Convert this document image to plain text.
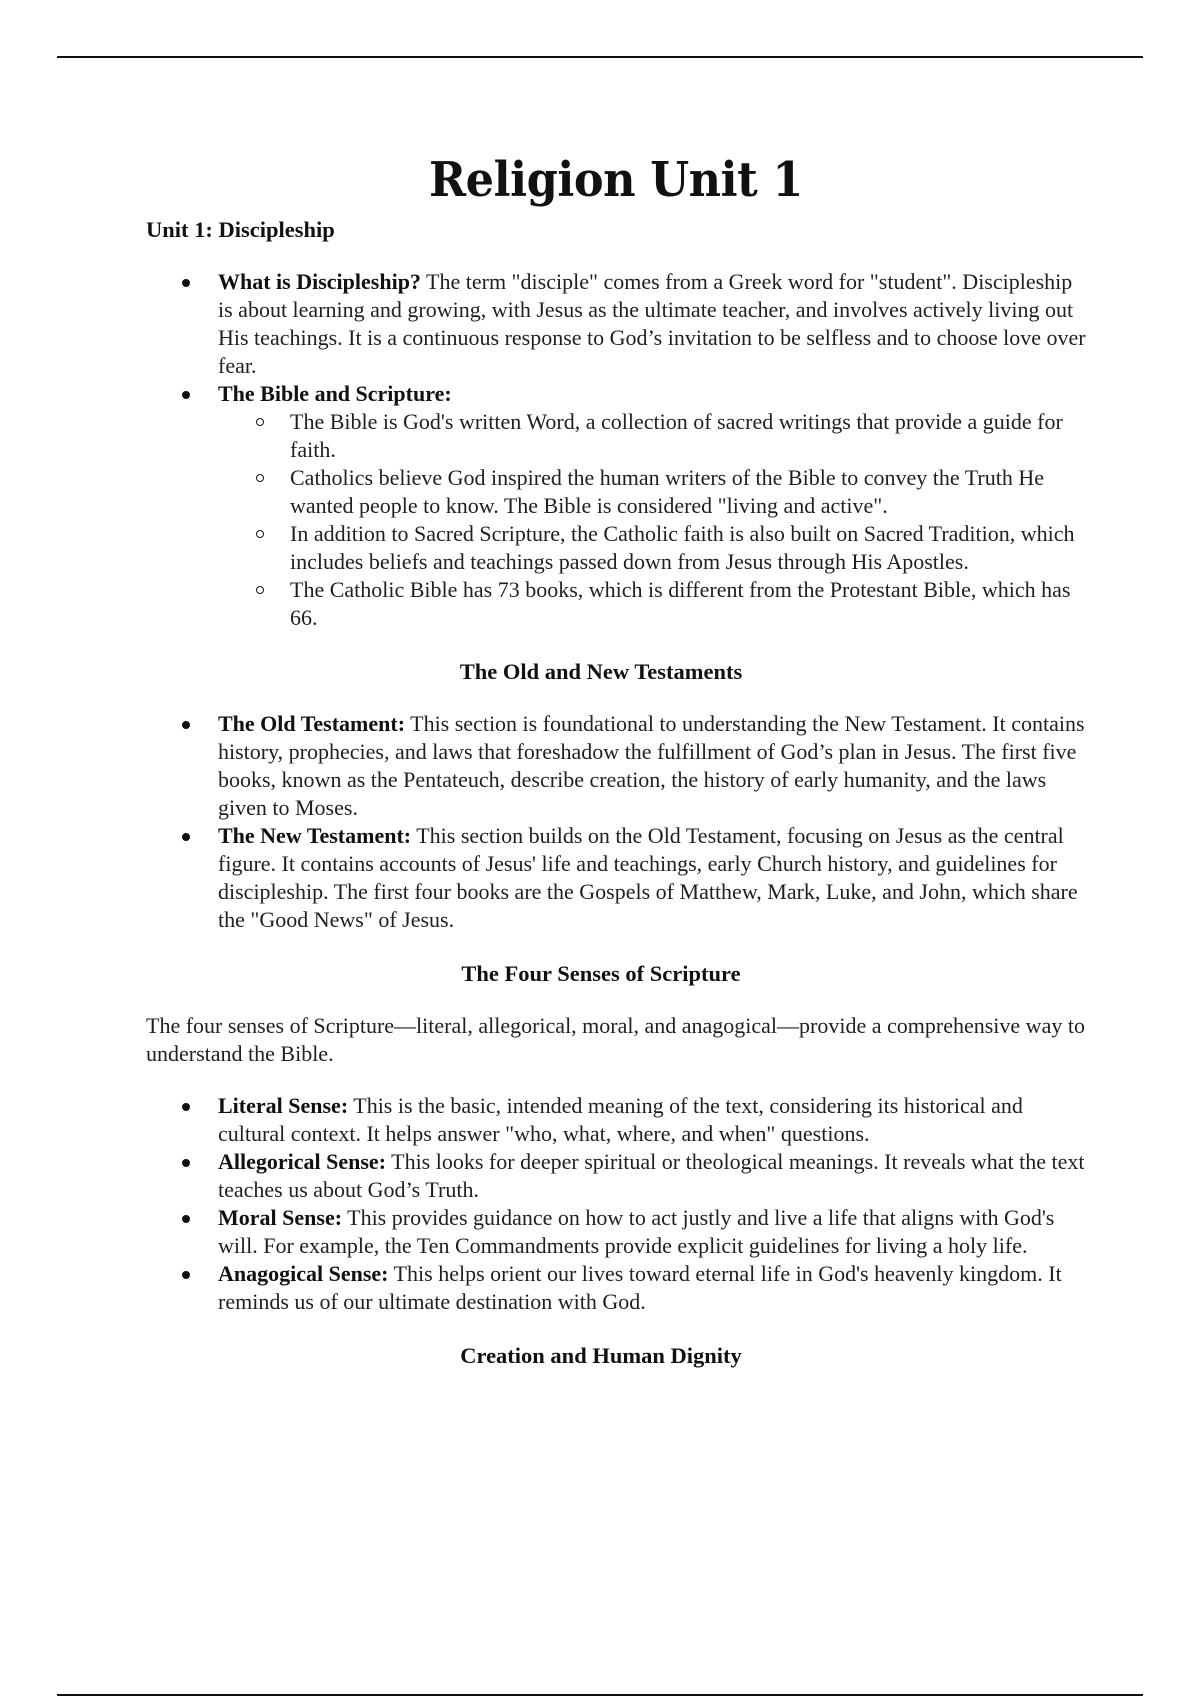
Religion Unit 1
Unit 1: Discipleship
What is Discipleship? The term "disciple" comes from a Greek word for "student". Discipleship is about learning and growing, with Jesus as the ultimate teacher, and involves actively living out His teachings. It is a continuous response to God’s invitation to be selfless and to choose love over fear.
The Bible and Scripture:
The Bible is God's written Word, a collection of sacred writings that provide a guide for faith.
Catholics believe God inspired the human writers of the Bible to convey the Truth He wanted people to know. The Bible is considered "living and active".
In addition to Sacred Scripture, the Catholic faith is also built on Sacred Tradition, which includes beliefs and teachings passed down from Jesus through His Apostles.
The Catholic Bible has 73 books, which is different from the Protestant Bible, which has 66.
The Old and New Testaments
The Old Testament: This section is foundational to understanding the New Testament. It contains history, prophecies, and laws that foreshadow the fulfillment of God’s plan in Jesus. The first five books, known as the Pentateuch, describe creation, the history of early humanity, and the laws given to Moses.
The New Testament: This section builds on the Old Testament, focusing on Jesus as the central figure. It contains accounts of Jesus' life and teachings, early Church history, and guidelines for discipleship. The first four books are the Gospels of Matthew, Mark, Luke, and John, which share the "Good News" of Jesus.
The Four Senses of Scripture

The four senses of Scripture—literal, allegorical, moral, and anagogical—provide a comprehensive way to understand the Bible.

Literal Sense: This is the basic, intended meaning of the text, considering its historical and cultural context. It helps answer "who, what, where, and when" questions.
Allegorical Sense: This looks for deeper spiritual or theological meanings. It reveals what the text teaches us about God’s Truth.
Moral Sense: This provides guidance on how to act justly and live a life that aligns with God's will. For example, the Ten Commandments provide explicit guidelines for living a holy life.
Anagogical Sense: This helps orient our lives toward eternal life in God's heavenly kingdom. It reminds us of our ultimate destination with God.
Creation and Human Dignity
